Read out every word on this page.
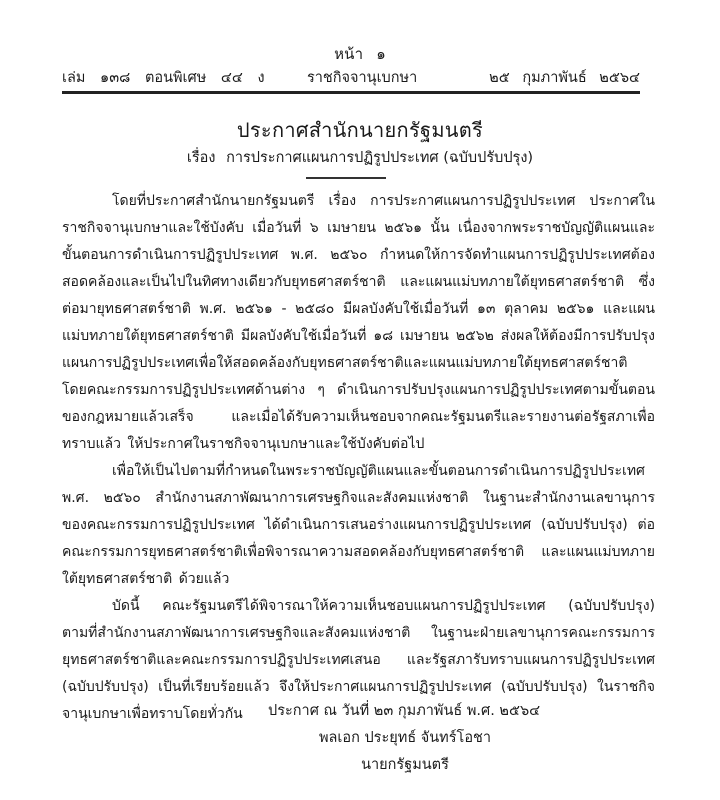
หน้า ๑
เล่ม ๑๓๘ ตอนพิเศษ ๔๔ ง	ราชกิจจานุเบกษา	๒๕ กุมภาพันธ์ ๒๕๖๔
ประกาศสำนักนายกรัฐมนตรี
เรื่อง การประกาศแผนการปฏิรูปประเทศ (ฉบับปรับปรุง)

โดยที่ประกาศสำนักนายกรัฐมนตรี เรื่อง การประกาศแผนการปฏิรูปประเทศ ประกาศในราชกิจจานุเบกษาและใช้บังคับ เมื่อวันที่ ๖ เมษายน ๒๕๖๑ นั้น เนื่องจากพระราชบัญญัติแผนและขั้นตอนการดำเนินการปฏิรูปประเทศ พ.ศ. ๒๕๖๐ กำหนดให้การจัดทำแผนการปฏิรูปประเทศต้องสอดคล้องและเป็นไปในทิศทางเดียวกับยุทธศาสตร์ชาติ และแผนแม่บทภายใต้ยุทธศาสตร์ชาติ ซึ่งต่อมายุทธศาสตร์ชาติ พ.ศ. ๒๕๖๑ - ๒๕๘๐ มีผลบังคับใช้เมื่อวันที่ ๑๓ ตุลาคม ๒๕๖๑ และแผนแม่บทภายใต้ยุทธศาสตร์ชาติ มีผลบังคับใช้เมื่อวันที่ ๑๘ เมษายน ๒๕๖๒ ส่งผลให้ต้องมีการปรับปรุงแผนการปฏิรูปประเทศเพื่อให้สอดคล้องกับยุทธศาสตร์ชาติและแผนแม่บทภายใต้ยุทธศาสตร์ชาติ โดยคณะกรรมการปฏิรูปประเทศด้านต่าง ๆ ดำเนินการปรับปรุงแผนการปฏิรูปประเทศตามขั้นตอนของกฎหมายแล้วเสร็จ และเมื่อได้รับความเห็นชอบจากคณะรัฐมนตรีและรายงานต่อรัฐสภาเพื่อทราบแล้ว ให้ประกาศในราชกิจจานุเบกษาและใช้บังคับต่อไป

เพื่อให้เป็นไปตามที่กำหนดในพระราชบัญญัติแผนและขั้นตอนการดำเนินการปฏิรูปประเทศ พ.ศ. ๒๕๖๐ สำนักงานสภาพัฒนาการเศรษฐกิจและสังคมแห่งชาติ ในฐานะสำนักงานเลขานุการของคณะกรรมการปฏิรูปประเทศ ได้ดำเนินการเสนอร่างแผนการปฏิรูปประเทศ (ฉบับปรับปรุง) ต่อคณะกรรมการยุทธศาสตร์ชาติเพื่อพิจารณาความสอดคล้องกับยุทธศาสตร์ชาติ และแผนแม่บทภายใต้ยุทธศาสตร์ชาติ ด้วยแล้ว

บัดนี้ คณะรัฐมนตรีได้พิจารณาให้ความเห็นชอบแผนการปฏิรูปประเทศ (ฉบับปรับปรุง) ตามที่สำนักงานสภาพัฒนาการเศรษฐกิจและสังคมแห่งชาติ ในฐานะฝ่ายเลขานุการคณะกรรมการยุทธศาสตร์ชาติและคณะกรรมการปฏิรูปประเทศเสนอ และรัฐสภารับทราบแผนการปฏิรูปประเทศ (ฉบับปรับปรุง) เป็นที่เรียบร้อยแล้ว จึงให้ประกาศแผนการปฏิรูปประเทศ (ฉบับปรับปรุง) ในราชกิจจานุเบกษาเพื่อทราบโดยทั่วกัน	ประกาศ ณ วันที่ ๒๓ กุมภาพันธ์ พ.ศ. ๒๕๖๔
พลเอก ประยุทธ์ จันทร์โอชา
นายกรัฐมนตรี
